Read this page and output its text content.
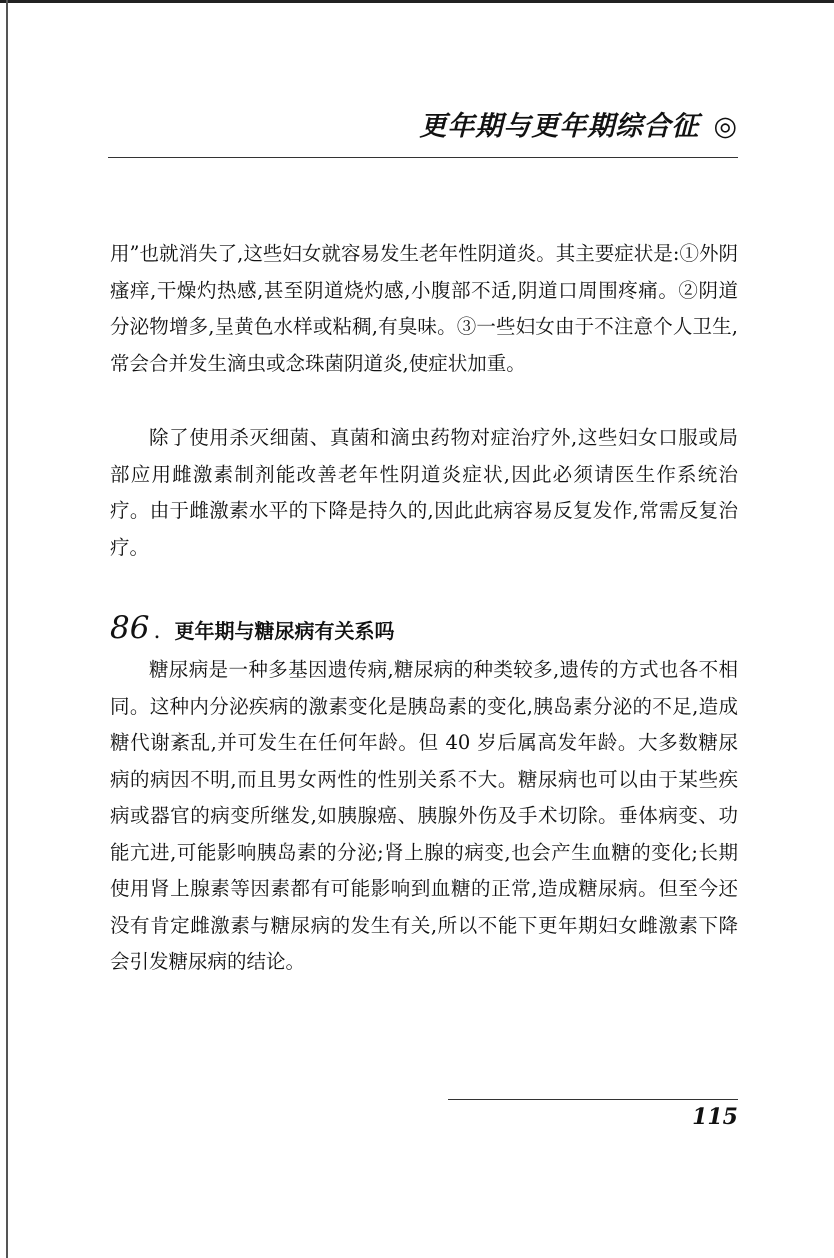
更年期与更年期综合征 ◎

用”也就消失了,这些妇女就容易发生老年性阴道炎。其主要症状是:①外阴瘙痒,干燥灼热感,甚至阴道烧灼感,小腹部不适,阴道口周围疼痛。②阴道分泌物增多,呈黄色水样或粘稠,有臭味。③一些妇女由于不注意个人卫生,常会合并发生滴虫或念珠菌阴道炎,使症状加重。

除了使用杀灭细菌、真菌和滴虫药物对症治疗外,这些妇女口服或局部应用雌激素制剂能改善老年性阴道炎症状,因此必须请医生作系统治疗。由于雌激素水平的下降是持久的,因此此病容易反复发作,常需反复治疗。

86 . 更年期与糖尿病有关系吗

糖尿病是一种多基因遗传病,糖尿病的种类较多,遗传的方式也各不相同。这种内分泌疾病的激素变化是胰岛素的变化,胰岛素分泌的不足,造成糖代谢紊乱,并可发生在任何年龄。但 40 岁后属高发年龄。大多数糖尿病的病因不明,而且男女两性的性别关系不大。糖尿病也可以由于某些疾病或器官的病变所继发,如胰腺癌、胰腺外伤及手术切除。垂体病变、功能亢进,可能影响胰岛素的分泌;肾上腺的病变,也会产生血糖的变化;长期使用肾上腺素等因素都有可能影响到血糖的正常,造成糖尿病。但至今还没有肯定雌激素与糖尿病的发生有关,所以不能下更年期妇女雌激素下降会引发糖尿病的结论。

115
